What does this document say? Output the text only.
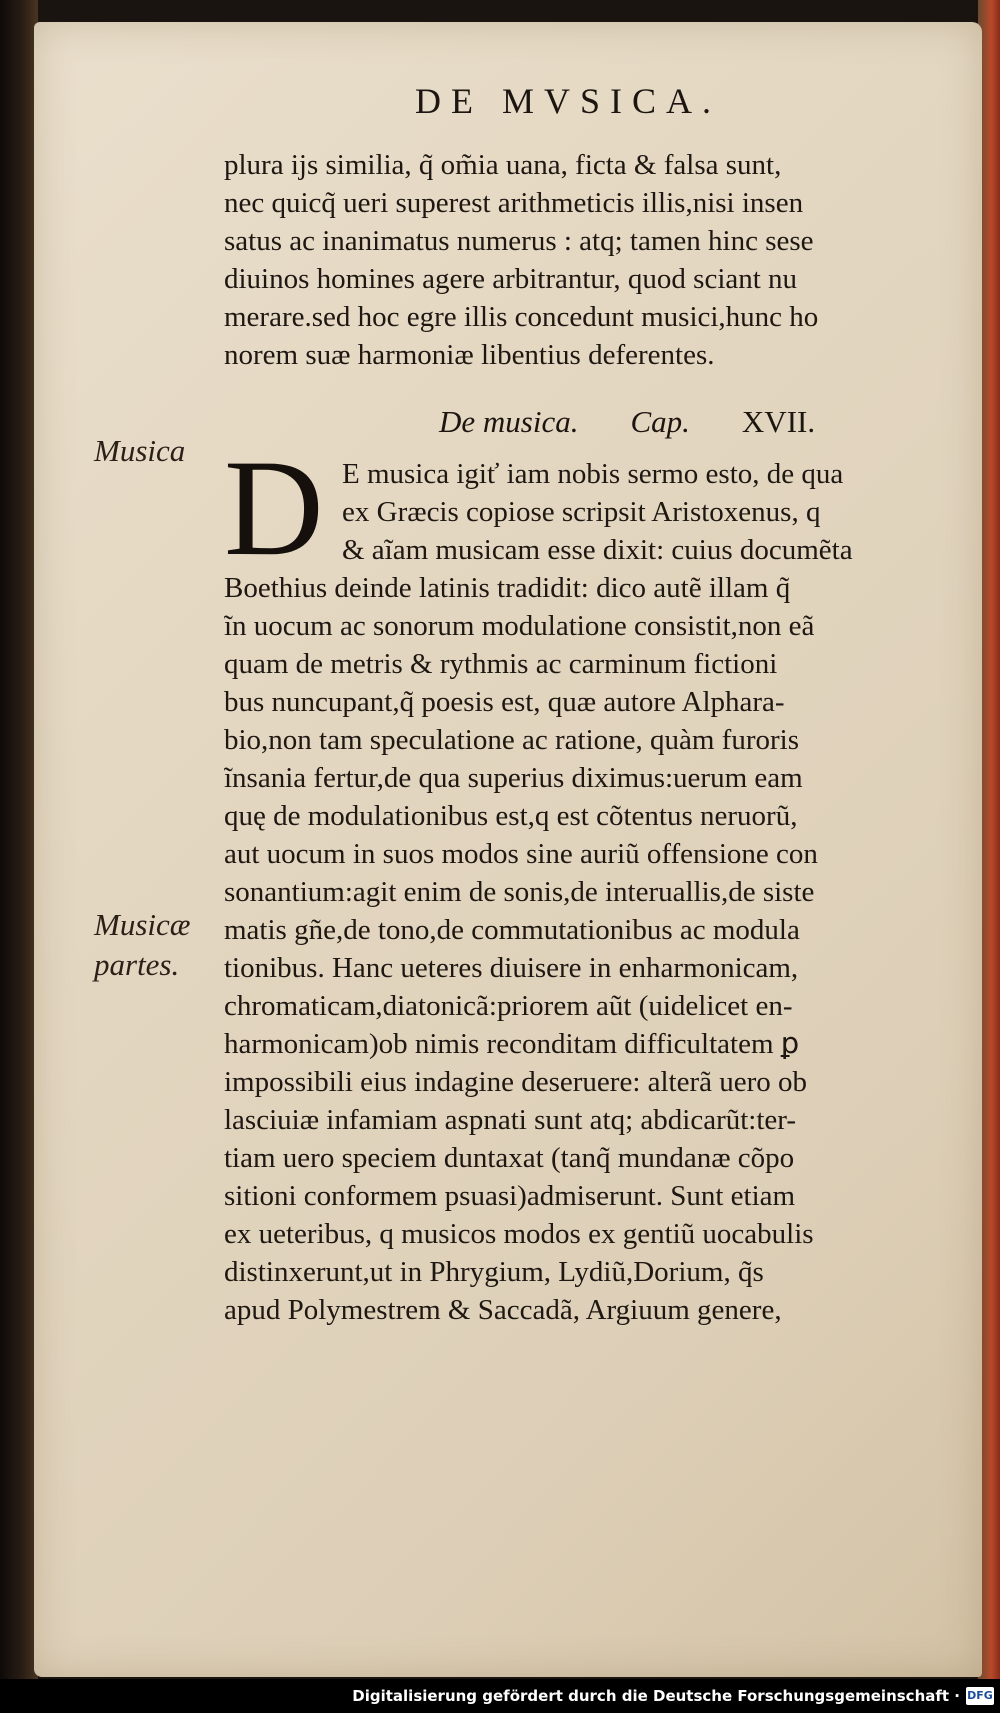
DE MVSICA.
plura ijs similia, q̃ om̃ia uana, ficta & falsa sunt,
nec quicq̃ ueri superest arithmeticis illis,nisi insen
satus ac inanimatus numerus : atq; tamen hinc sese
diuinos homines agere arbitrantur, quod sciant nu
merare.sed hoc egre illis concedunt musici,hunc ho
norem suæ harmoniæ libentius deferentes.
De musica. Cap. XVII.
D E musica igiť iam nobis sermo esto, de qua
ex Græcis copiose scripsit Aristoxenus, q
& aĩam musicam esse dixit: cuius documẽta
Boethius deinde latinis tradidit: dico autẽ illam q̃
ĩn uocum ac sonorum modulatione consistit,non eã
quam de metris & rythmis ac carminum fictioni
bus nuncupant,q̃ poesis est, quæ autore Alphara-
bio,non tam speculatione ac ratione, quàm furoris
ĩnsania fertur,de qua superius diximus:uerum eam
quę de modulationibus est,q est cõtentus neruorũ,
aut uocum in suos modos sine auriũ offensione con
sonantium:agit enim de sonis,de interuallis,de siste
matis gñe,de tono,de commutationibus ac modula
tionibus. Hanc ueteres diuisere in enharmonicam,
chromaticam,diatonicã:priorem aũt (uidelicet en-
harmonicam)ob nimis reconditam difficultatem ꝑ
impossibili eius indagine deseruere: alterã uero ob
lasciuiæ infamiam aspnati sunt atq; abdicarũt:ter-
tiam uero speciem duntaxat (tanq̃ mundanæ cõpo
sitioni conformem psuasi)admiserunt. Sunt etiam
ex ueteribus, q musicos modos ex gentiũ uocabulis
distinxerunt,ut in Phrygium, Lydiũ,Dorium, q̃s
apud Polymestrem & Saccadã, Argiuum genere,
Musica
Musicæ
partes.
Digitalisierung gefördert durch die Deutsche Forschungsgemeinschaft · DFG
